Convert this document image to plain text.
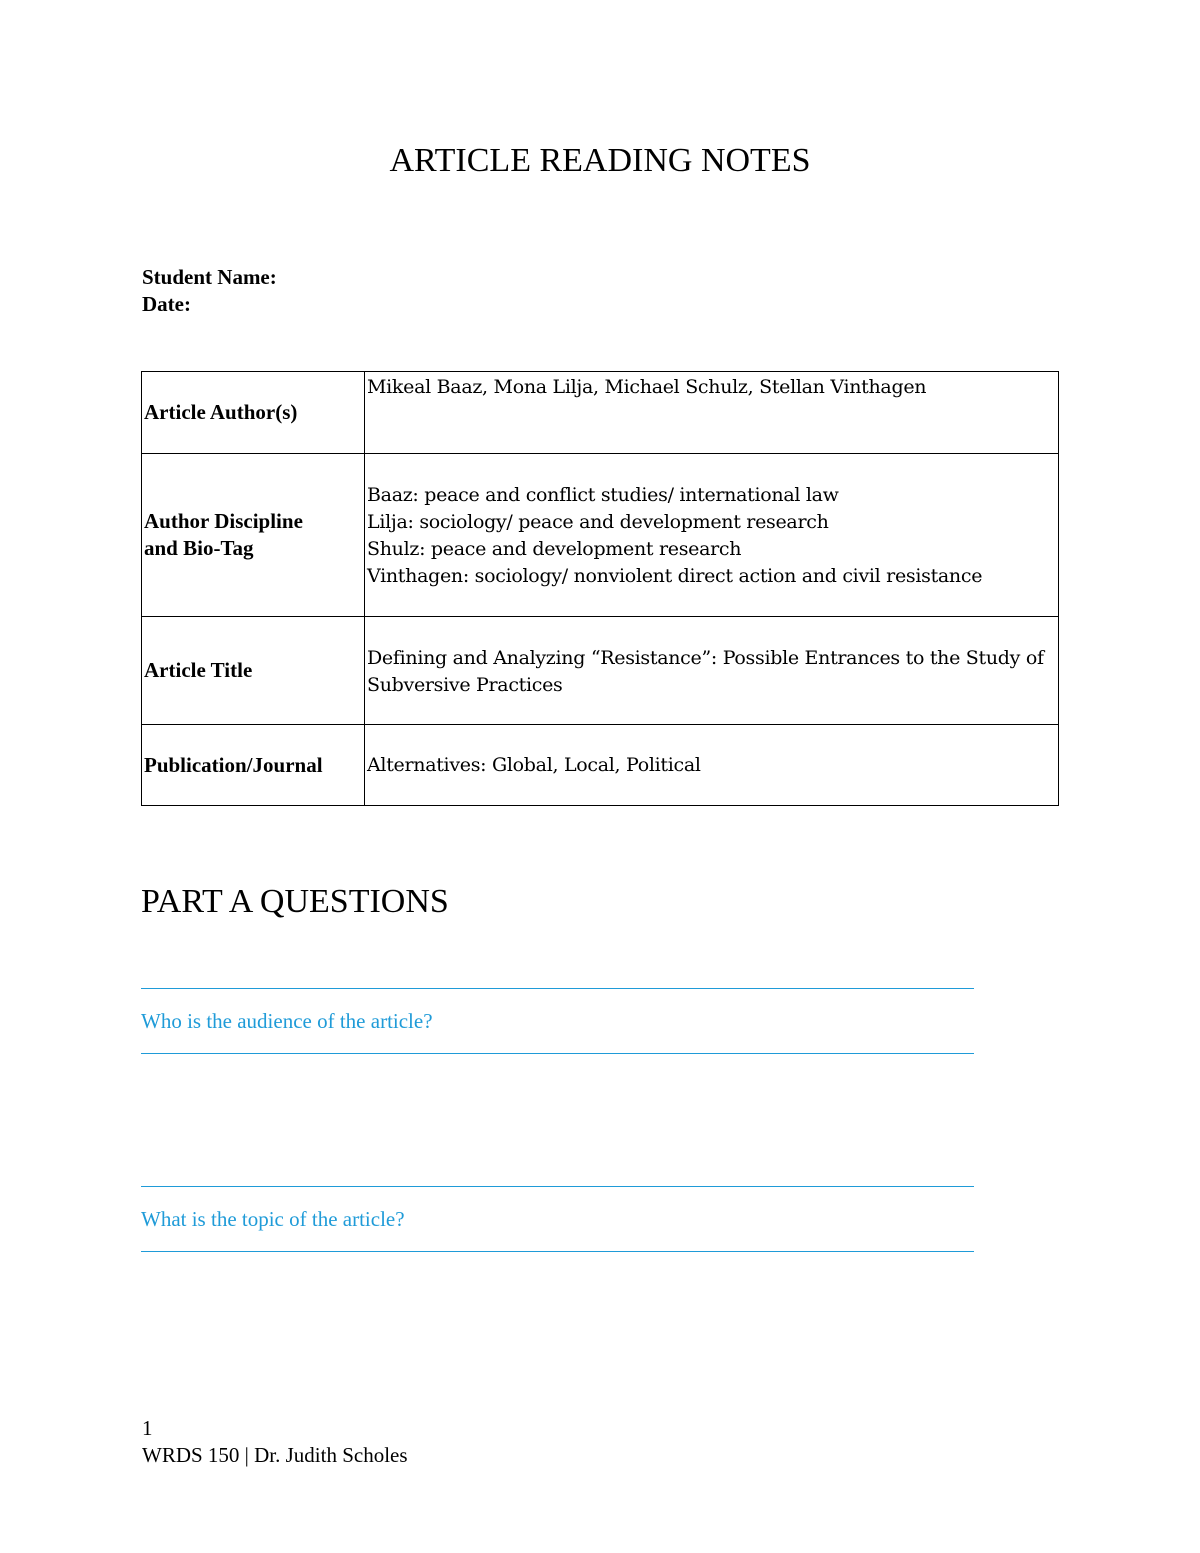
ARTICLE READING NOTES
Student Name:
Date:
Article Author(s)	Mikeal Baaz, Mona Lilja, Michael Schulz, Stellan Vinthagen

Author Discipline
and Bio-Tag	Baaz: peace and conflict studies/ international law
Lilja: sociology/ peace and development research
Shulz: peace and development research
Vinthagen: sociology/ nonviolent direct action and civil resistance

Article Title	Defining and Analyzing “Resistance”: Possible Entrances to the Study of
Subversive Practices

Publication/Journal	Alternatives: Global, Local, Political
PART A QUESTIONS
Who is the audience of the article?
What is the topic of the article?
1
WRDS 150 | Dr. Judith Scholes
